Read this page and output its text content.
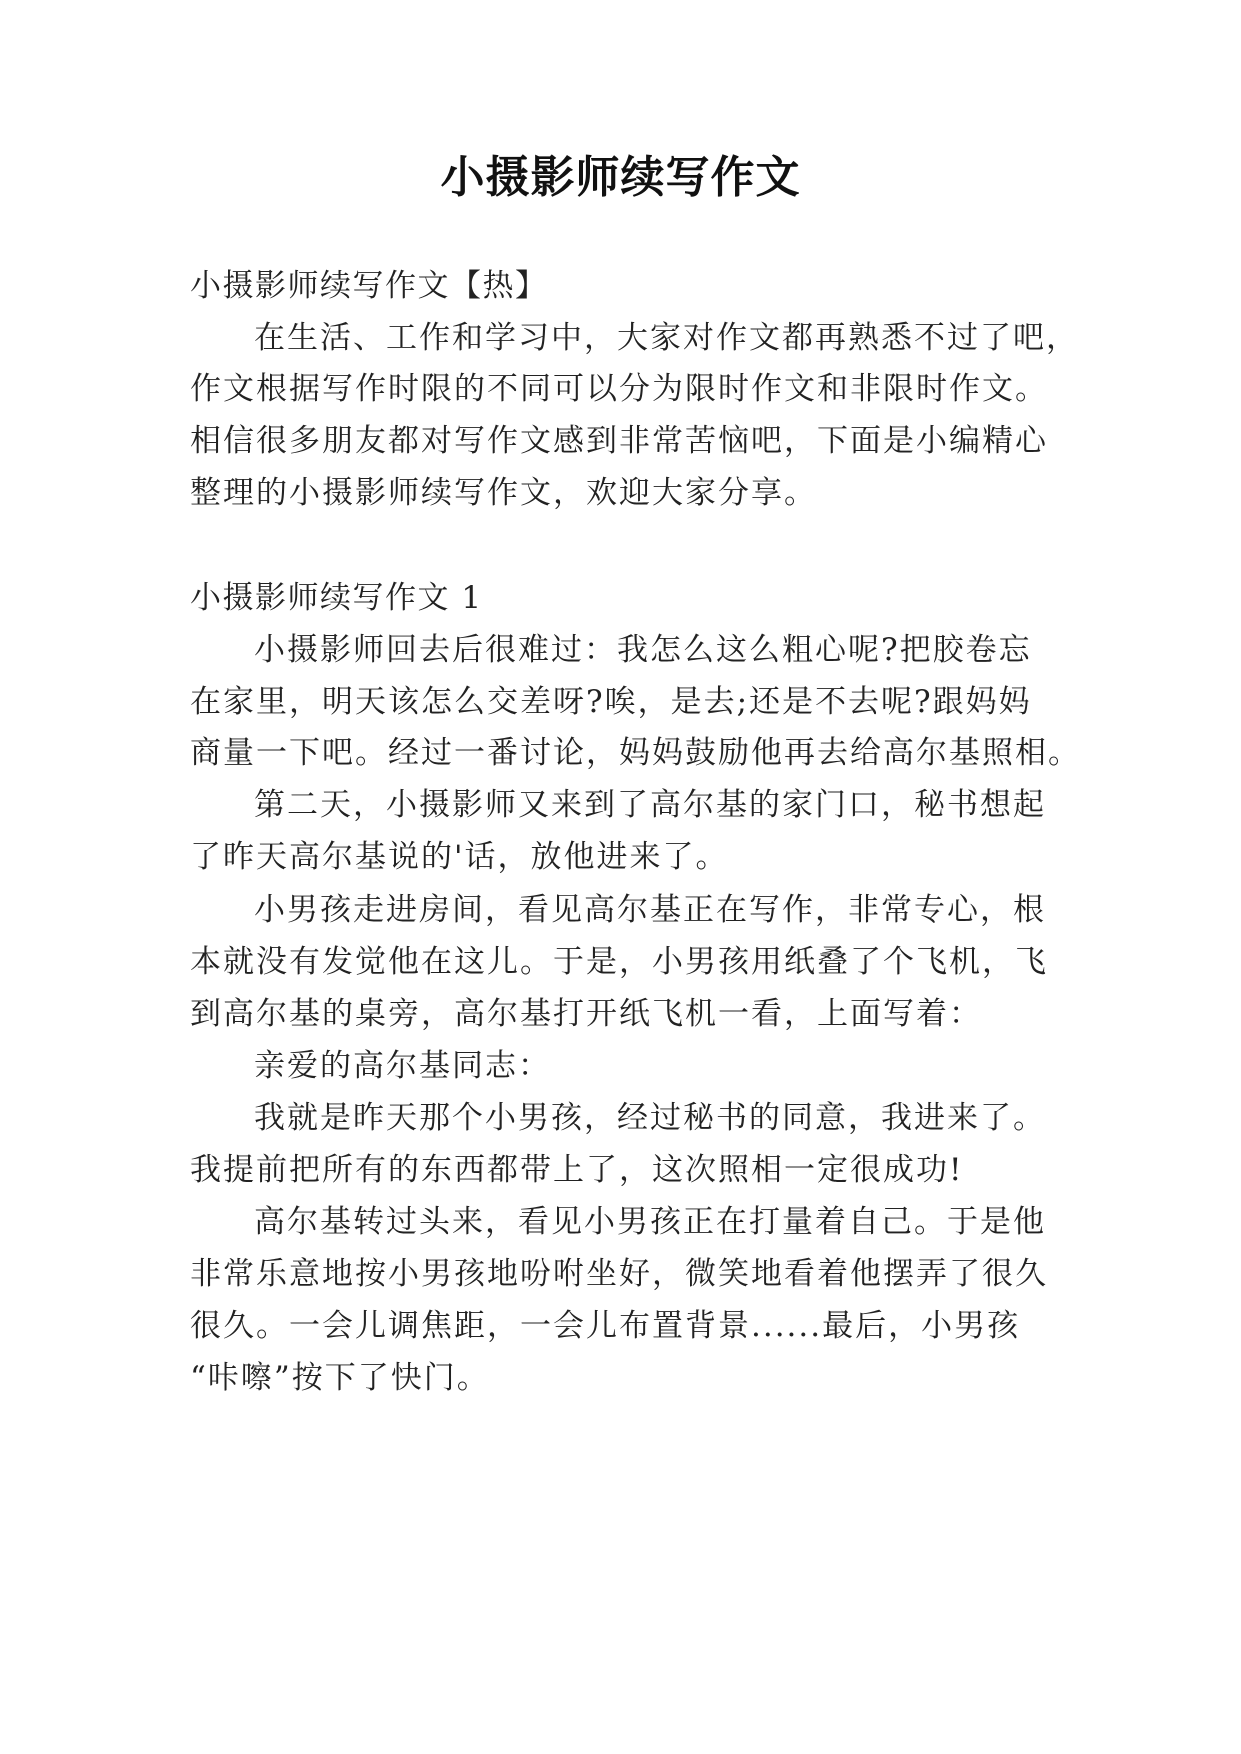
小摄影师续写作文

小摄影师续写作文【热】

在生活、工作和学习中，大家对作文都再熟悉不过了吧，

作文根据写作时限的不同可以分为限时作文和非限时作文。

相信很多朋友都对写作文感到非常苦恼吧，下面是小编精心

整理的小摄影师续写作文，欢迎大家分享。

小摄影师续写作文 1

小摄影师回去后很难过：我怎么这么粗心呢?把胶卷忘

在家里，明天该怎么交差呀?唉，是去;还是不去呢?跟妈妈

商量一下吧。经过一番讨论，妈妈鼓励他再去给高尔基照相。

第二天，小摄影师又来到了高尔基的家门口，秘书想起

了昨天高尔基说的'话，放他进来了。

小男孩走进房间，看见高尔基正在写作，非常专心，根

本就没有发觉他在这儿。于是，小男孩用纸叠了个飞机，飞

到高尔基的桌旁，高尔基打开纸飞机一看，上面写着：

亲爱的高尔基同志：

我就是昨天那个小男孩，经过秘书的同意，我进来了。

我提前把所有的东西都带上了，这次照相一定很成功!

高尔基转过头来，看见小男孩正在打量着自己。于是他

非常乐意地按小男孩地吩咐坐好，微笑地看着他摆弄了很久

很久。一会儿调焦距，一会儿布置背景......最后，小男孩

“咔嚓”按下了快门。
